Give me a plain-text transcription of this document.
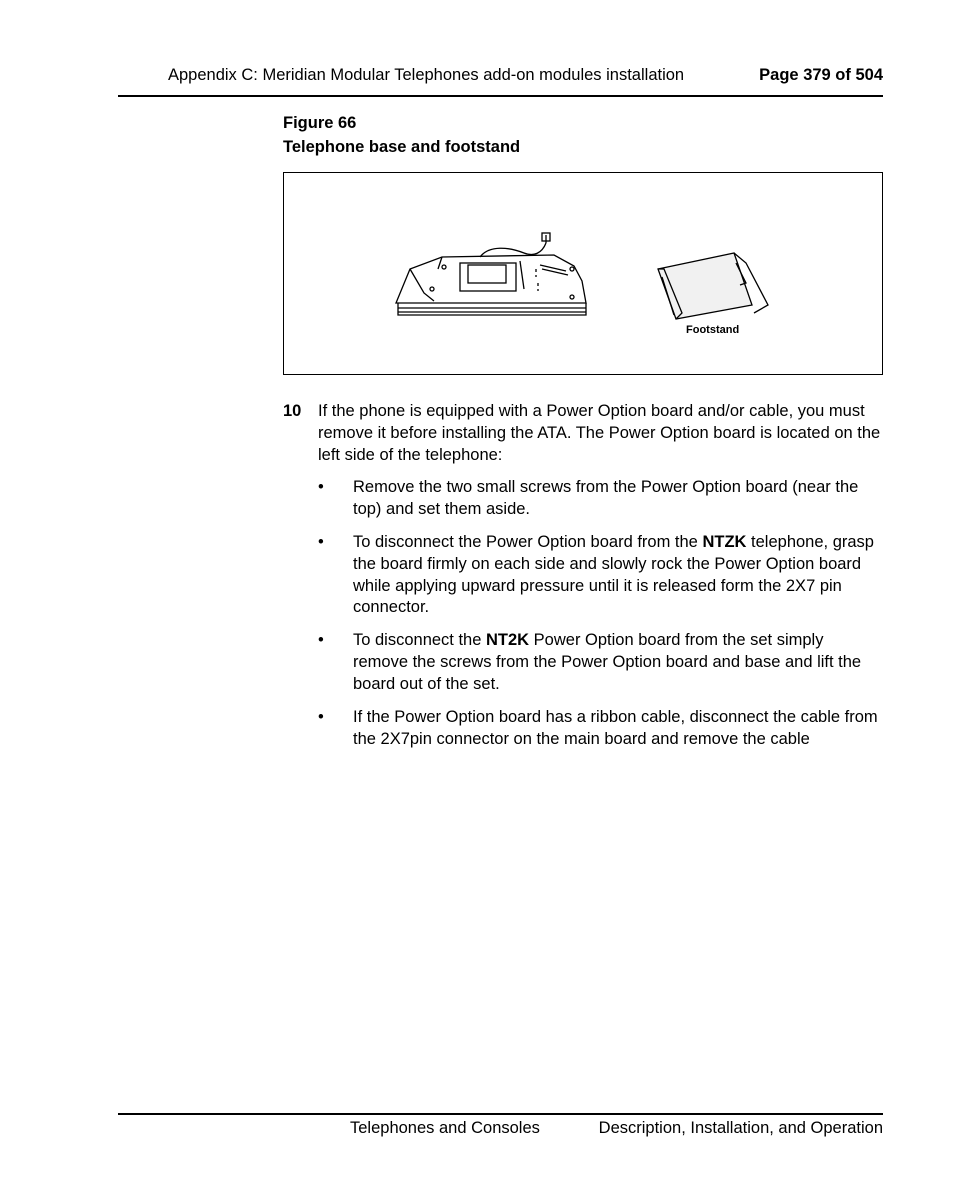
Appendix C: Meridian Modular Telephones add-on modules installation	Page 379 of 504
Figure 66
Telephone base and footstand
Footstand
10 If the phone is equipped with a Power Option board and/or cable, you must remove it before installing the ATA. The Power Option board is located on the left side of the telephone:
• Remove the two small screws from the Power Option board (near the top) and set them aside.
• To disconnect the Power Option board from the NTZK telephone, grasp the board firmly on each side and slowly rock the Power Option board while applying upward pressure until it is released form the 2X7 pin connector.
• To disconnect the NT2K Power Option board from the set simply remove the screws from the Power Option board and base and lift the board out of the set.
• If the Power Option board has a ribbon cable, disconnect the cable from the 2X7pin connector on the main board and remove the cable
Telephones and Consoles	Description, Installation, and Operation
